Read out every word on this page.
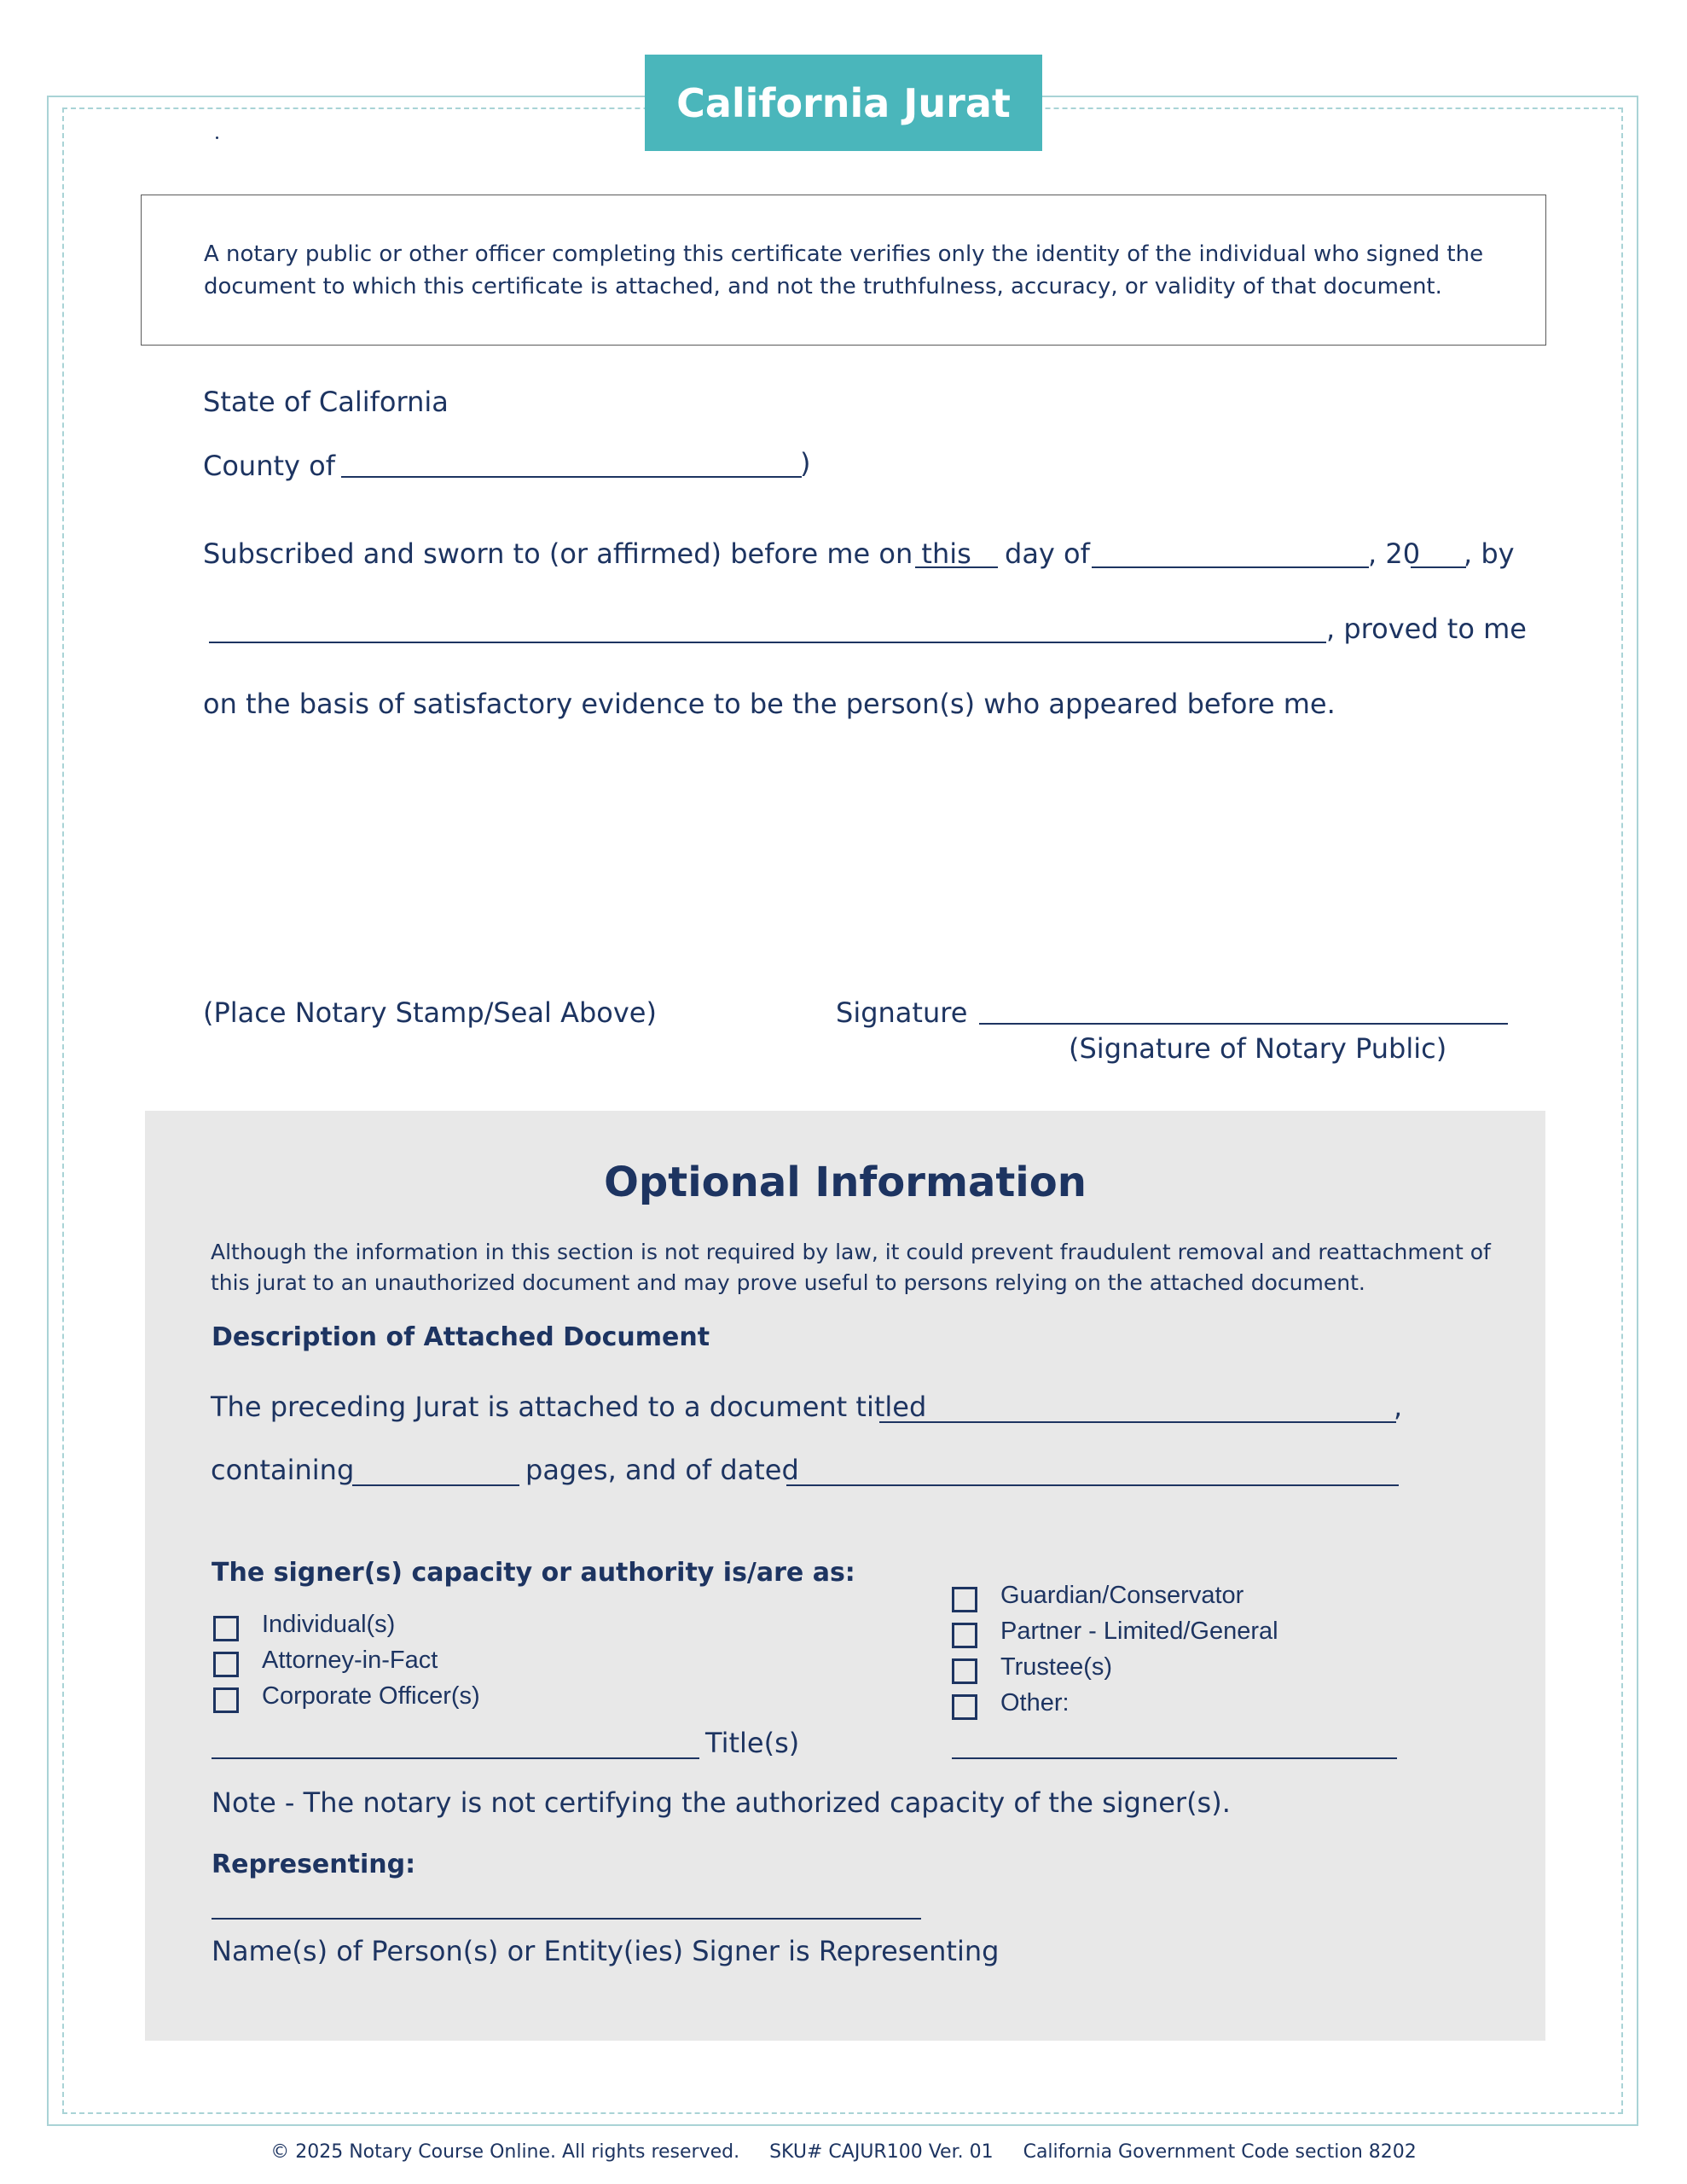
California Jurat
A notary public or other officer completing this certificate verifies only the identity of the individual who signed the
document to which this certificate is attached, and not the truthfulness, accuracy, or validity of that document.
State of California
County of	)
Subscribed and sworn to (or affirmed) before me on this day of	, 20 , by
, proved to me
on the basis of satisfactory evidence to be the person(s) who appeared before me.
(Place Notary Stamp/Seal Above)	Signature
(Signature of Notary Public)
Optional Information
Although the information in this section is not required by law, it could prevent fraudulent removal and reattachment of
this jurat to an unauthorized document and may prove useful to persons relying on the attached document.
Description of Attached Document
The preceding Jurat is attached to a document titled	,
containing	pages, and of dated
The signer(s) capacity or authority is/are as:
Individual(s)
Attorney-in-Fact
Corporate Officer(s)
Title(s)
Guardian/Conservator
Partner - Limited/General
Trustee(s)
Other:
Note - The notary is not certifying the authorized capacity of the signer(s).
Representing:
Name(s) of Person(s) or Entity(ies) Signer is Representing
© 2025 Notary Course Online. All rights reserved. SKU# CAJUR100 Ver. 01 California Government Code section 8202
